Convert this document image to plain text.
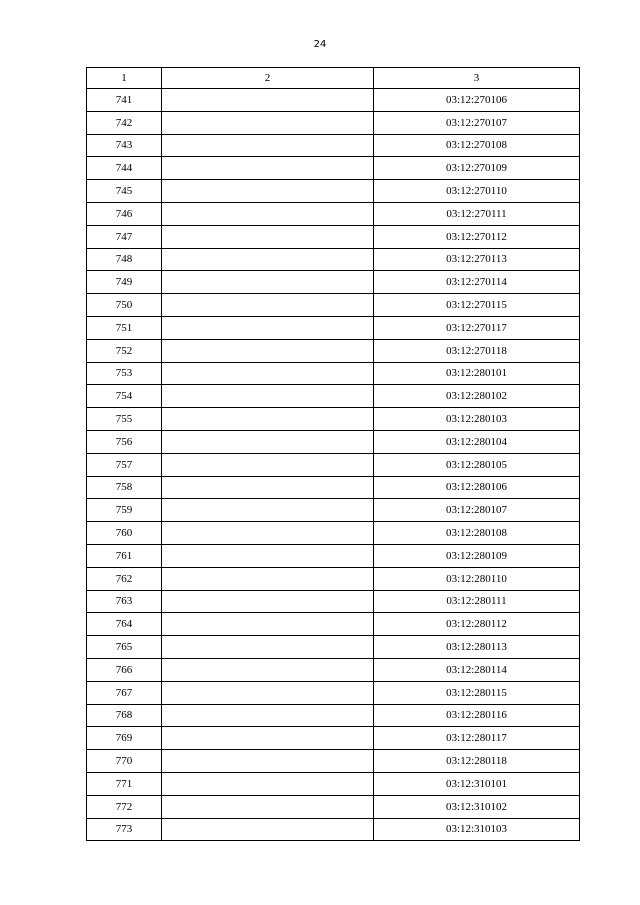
24
1	2	3
741		03:12:270106
742		03:12:270107
743		03:12:270108
744		03:12:270109
745		03:12:270110
746		03:12:270111
747		03:12:270112
748		03:12:270113
749		03:12:270114
750		03:12:270115
751		03:12:270117
752		03:12:270118
753		03:12:280101
754		03:12:280102
755		03:12:280103
756		03:12:280104
757		03:12:280105
758		03:12:280106
759		03:12:280107
760		03:12:280108
761		03:12:280109
762		03:12:280110
763		03:12:280111
764		03:12:280112
765		03:12:280113
766		03:12:280114
767		03:12:280115
768		03:12:280116
769		03:12:280117
770		03:12:280118
771		03:12:310101
772		03:12:310102
773		03:12:310103
